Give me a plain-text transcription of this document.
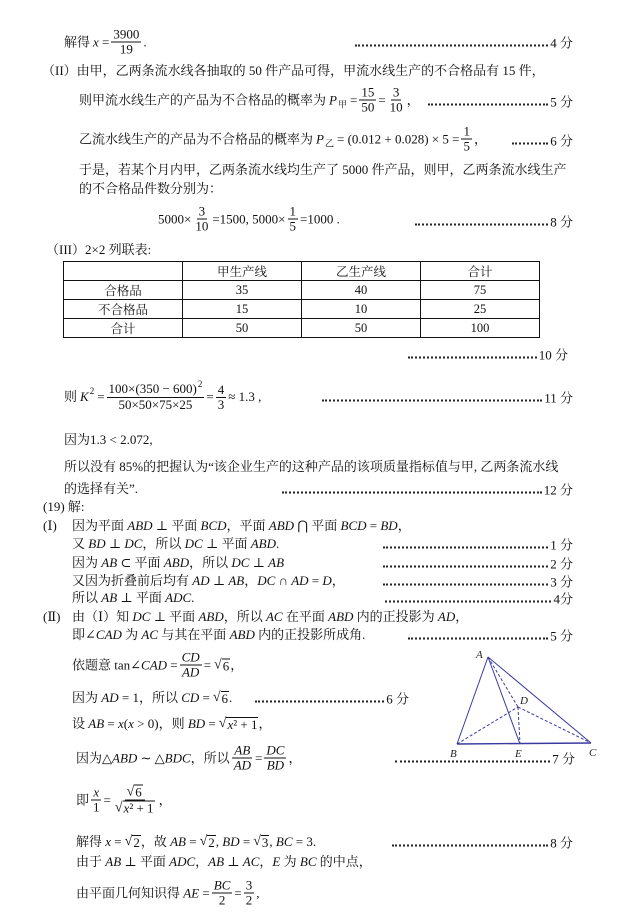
解得 $x = \frac{3900}{19}$ .	4 分
（II）由甲，乙两条流水线各抽取的 50 件产品可得，甲流水线生产的不合格品有 15 件，
则甲流水线生产的产品为不合格品的概率为 P 甲 = $\frac{15}{50} = \frac{3}{10}$ ，	5 分
乙流水线生产的产品为不合格品的概率为 P 乙 = $(0.012 + 0.028) \times 5 = \frac{1}{5}$ ，	6 分
于是，若某个月内甲，乙两条流水线均生产了 5000 件产品，则甲，乙两条流水线生产
的不合格品件数分别为：
$5000\times \frac{3}{10} =1500$, $5000\times \frac{1}{5} =1000$ .	8 分
（III）2×2 列联表:
	甲生产线	乙生产线	合计
合格品	35	40	75
不合格品	15	10	25
合计	50	50	100
10 分
则 K $2 = \frac{100\times(350 - 600)^2}{50\times 50\times 75\times 25} = \frac{4}{3} \approx 1.3$ ,	11 分
因为1.3 < 2.072,
所以没有 85%的把握认为“该企业生产的这种产品的该项质量指标值与甲, 乙两条流水线
的选择有关”.	12 分
(19) 解:
(Ⅰ)	因为平面 ABD ⊥ 平面 BCD，平面 ABD ⋂ 平面 BCD = BD，
又 BD ⊥ DC，所以 DC ⊥ 平面 ABD.	1 分
因为 AB ⊂ 平面 ABD，所以 DC ⊥ AB	2 分
又因为折叠前后均有 AD ⊥ AB，DC ∩ AD = D，	3 分
所以 AB ⊥ 平面 ADC.	4分
(Ⅱ) 由（Ⅰ）知 DC ⊥ 平面 ABD，所以 AC 在平面 ABD 内的正投影为 AD，
即∠CAD 为 AC 与其在平面 ABD 内的正投影所成角.	5 分
依题意 tan∠CAD = $\frac{CD}{AD}$ = √ 6 ，
因为 AD = 1，所以 CD = √ 6 .	6 分
设 AB = x(x > 0)，则 BD = √ x² + 1 ，
因为△ABD ∼ △BDC，所以 $\frac{AB}{AD} = \frac{DC}{BD}$ ，	7 分
即 $\frac{x}{1} = \frac{√ 6}{\text{√ x² + 1}}$ ，
解得 x = √ 2 ，故 AB = √ 2 , BD = √ 3 , BC = 3.	8 分
由于 AB ⊥ 平面 ADC，AB ⊥ AC，E 为 BC 的中点，
由平面几何知识得 AE = $\frac{BC}{2} = \frac{3}{2}$ ,
A
D
B	E	C
